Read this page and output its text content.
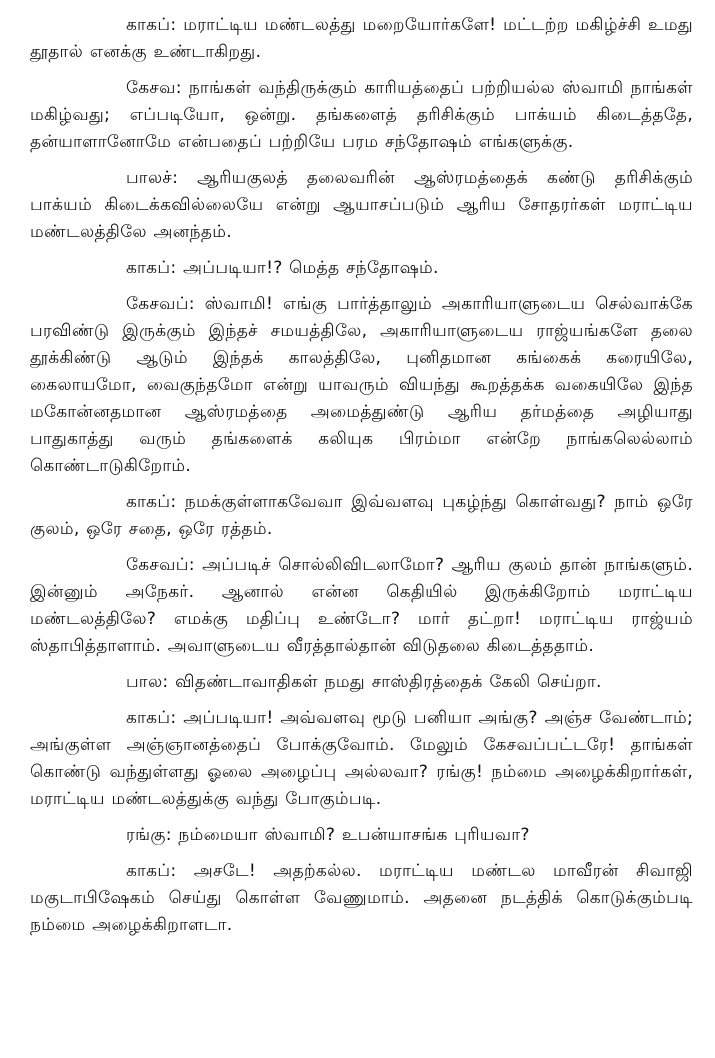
காகப்: மராட்டிய மண்டலத்து மறையோர்களே! மட்டற்ற மகிழ்ச்சி உமது தூதால் எனக்கு உண்டாகிறது.

கேசவ: நாங்கள் வந்திருக்கும் காரியத்தைப் பற்றியல்ல ஸ்வாமி நாங்கள் மகிழ்வது; எப்படியோ, ஒன்று. தங்களைத் தரிசிக்கும் பாக்யம் கிடைத்ததே, தன்யாளானோமே என்பதைப் பற்றியே பரம சந்தோஷம் எங்களுக்கு.

பாலச்: ஆரியகுலத் தலைவரின் ஆஸ்ரமத்தைக் கண்டு தரிசிக்கும் பாக்யம் கிடைக்கவில்லையே என்று ஆயாசப்படும் ஆரிய சோதரர்கள் மராட்டிய மண்டலத்திலே அனந்தம்.

காகப்: அப்படியா!? மெத்த சந்தோஷம்.

கேசவப்: ஸ்வாமி! எங்கு பார்த்தாலும் அகாரியாளுடைய செல்வாக்கே பரவிண்டு இருக்கும் இந்தச் சமயத்திலே, அகாரியாளுடைய ராஜ்யங்களே தலை தூக்கிண்டு ஆடும் இந்தக் காலத்திலே, புனிதமான கங்கைக் கரையிலே, கைலாயமோ, வைகுந்தமோ என்று யாவரும் வியந்து கூறத்தக்க வகையிலே இந்த மகோன்னதமான ஆஸ்ரமத்தை அமைத்துண்டு ஆரிய தர்மத்தை அழியாது பாதுகாத்து வரும் தங்களைக் கலியுக பிரம்மா என்றே நாங்கலெல்லாம் கொண்டாடுகிறோம்.

காகப்: நமக்குள்ளாகவேவா இவ்வளவு புகழ்ந்து கொள்வது? நாம் ஒரே குலம், ஒரே சதை, ஒரே ரத்தம்.

கேசவப்: அப்படிச் சொல்லிவிடலாமோ? ஆரிய குலம் தான் நாங்களும். இன்னும் அநேகர். ஆனால் என்ன கெதியில் இருக்கிறோம் மராட்டிய மண்டலத்திலே? எமக்கு மதிப்பு உண்டோ? மார் தட்றா! மராட்டிய ராஜ்யம் ஸ்தாபித்தாளாம். அவாளுடைய வீரத்தால்தான் விடுதலை கிடைத்ததாம்.

பால: விதண்டாவாதிகள் நமது சாஸ்திரத்தைக் கேலி செய்றா.

காகப்: அப்படியா! அவ்வளவு மூடு பனியா அங்கு? அஞ்ச வேண்டாம்; அங்குள்ள அஞ்ஞானத்தைப் போக்குவோம். மேலும் கேசவப்பட்டரே! தாங்கள் கொண்டு வந்துள்ளது ஓலை அழைப்பு அல்லவா? ரங்கு! நம்மை அழைக்கிறார்கள், மராட்டிய மண்டலத்துக்கு வந்து போகும்படி.

ரங்கு: நம்மையா ஸ்வாமி? உபன்யாசங்க புரியவா?

காகப்: அசடே! அதற்கல்ல. மராட்டிய மண்டல மாவீரன் சிவாஜி மகுடாபிஷேகம் செய்து கொள்ள வேணுமாம். அதனை நடத்திக் கொடுக்கும்படி நம்மை அழைக்கிறாளடா.
